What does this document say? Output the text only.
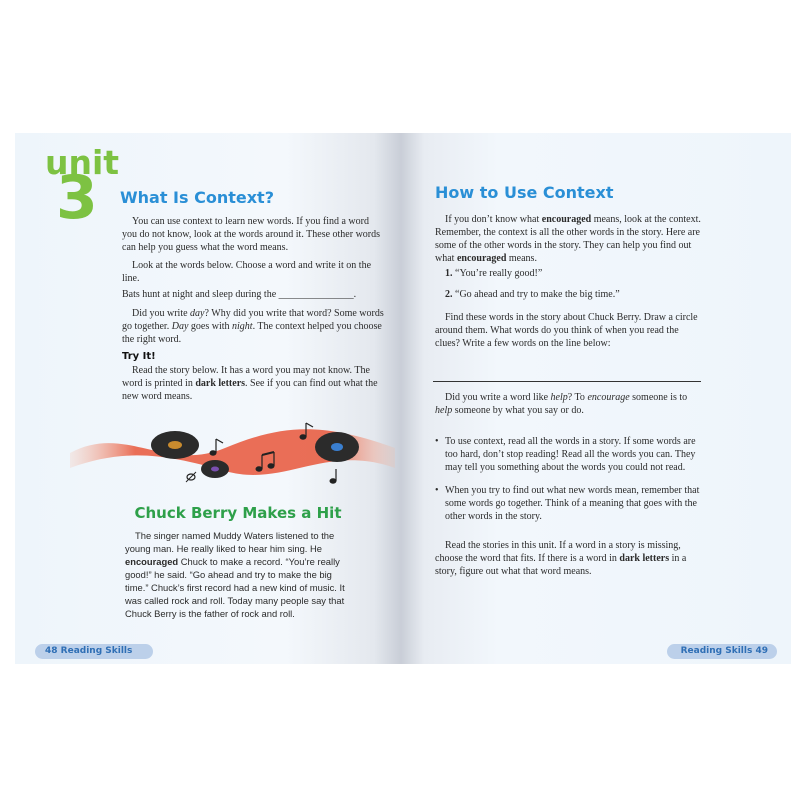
unit
3 What Is Context?

You can use context to learn new words. If you find a word you do not know, look at the words around it. These other words can help you guess what the word means.

Look at the words below. Choose a word and write it on the line.

Bats hunt at night and sleep during the _______________.

Did you write day? Why did you write that word? Some words go together. Day goes with night. The context helped you choose the right word.

Try It!

Read the story below. It has a word you may not know. The word is printed in dark letters. See if you can find out what the new word means.

Chuck Berry Makes a Hit

The singer named Muddy Waters listened to the young man. He really liked to hear him sing. He encouraged Chuck to make a record. “You’re really good!” he said. “Go ahead and try to make the big time.” Chuck’s first record had a new kind of music. It was called rock and roll. Today many people say that Chuck Berry is the father of rock and roll.

48 Reading Skills
How to Use Context

If you don’t know what encouraged means, look at the context. Remember, the context is all the other words in the story. Here are some of the other words in the story. They can help you find out what encouraged means.

1. “You’re really good!”
2. “Go ahead and try to make the big time.”

Find these words in the story about Chuck Berry. Draw a circle around them. What words do you think of when you read the clues? Write a few words on the line below:

Did you write a word like help? To encourage someone is to help someone by what you say or do.

• To use context, read all the words in a story. If some words are too hard, don’t stop reading! Read all the words you can. They may tell you something about the words you could not read.

• When you try to find out what new words mean, remember that some words go together. Think of a meaning that goes with the other words in the story.

Read the stories in this unit. If a word in a story is missing, choose the word that fits. If there is a word in dark letters in a story, figure out what that word means.

Reading Skills 49
